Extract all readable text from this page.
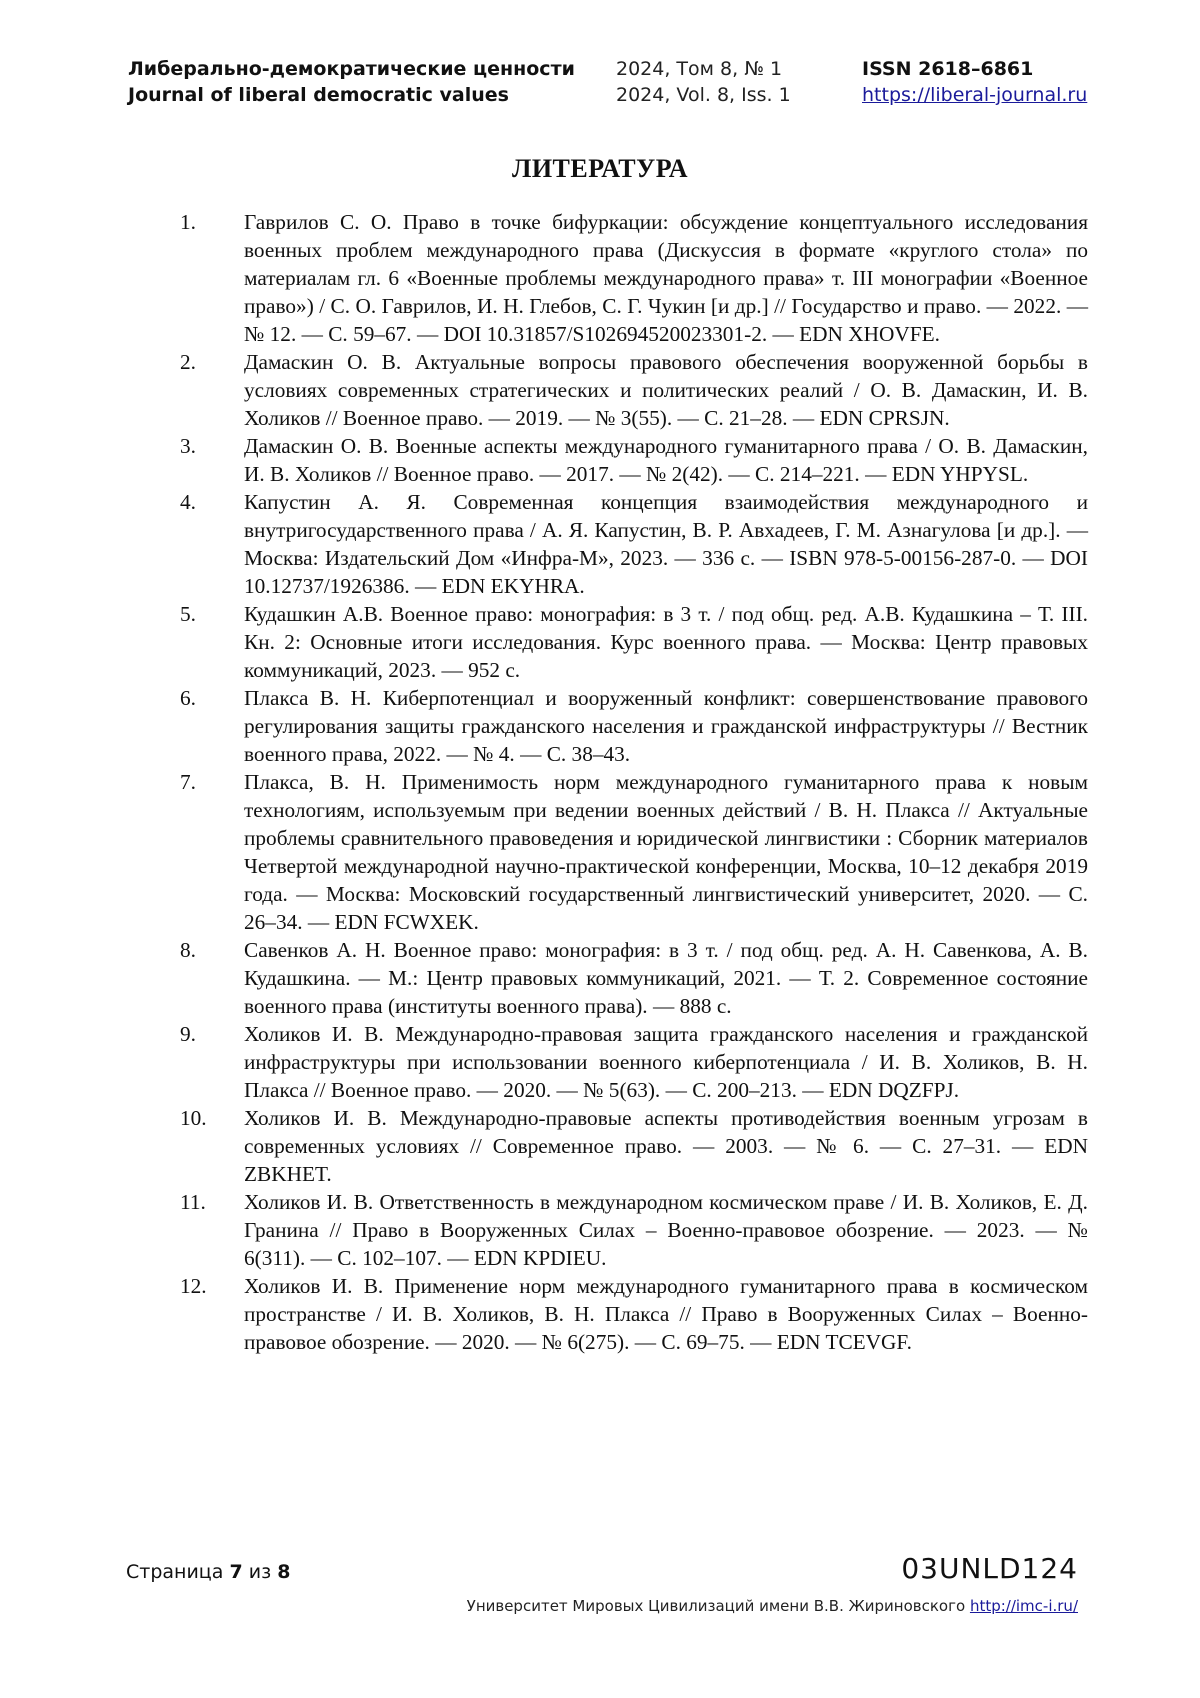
Либерально-демократические ценности
Journal of liberal democratic values
2024, Том 8, № 1
2024, Vol. 8, Iss. 1
ISSN 2618–6861
https://liberal-journal.ru
ЛИТЕРАТУРА
1. Гаврилов С. О. Право в точке бифуркации: обсуждение концептуального исследования военных проблем международного права (Дискуссия в формате «круглого стола» по материалам гл. 6 «Военные проблемы международного права» т. III монографии «Военное право») / С. О. Гаврилов, И. Н. Глебов, С. Г. Чукин [и др.] // Государство и право. — 2022. — № 12. — С. 59–67. — DOI 10.31857/S102694520023301-2. — EDN XHOVFE.
2. Дамаскин О. В. Актуальные вопросы правового обеспечения вооруженной борьбы в условиях современных стратегических и политических реалий / О. В. Дамаскин, И. В. Холиков // Военное право. — 2019. — № 3(55). — С. 21–28. — EDN CPRSJN.
3. Дамаскин О. В. Военные аспекты международного гуманитарного права / О. В. Дамаскин, И. В. Холиков // Военное право. — 2017. — № 2(42). — С. 214–221. — EDN YHPYSL.
4. Капустин А. Я. Современная концепция взаимодействия международного и внутригосударственного права / А. Я. Капустин, В. Р. Авхадеев, Г. М. Азнагулова [и др.]. — Москва: Издательский Дом «Инфра-М», 2023. — 336 с. — ISBN 978-5-00156-287-0. — DOI 10.12737/1926386. — EDN EKYHRA.
5. Кудашкин А.В. Военное право: монография: в 3 т. / под общ. ред. А.В. Кудашкина – Т. III. Кн. 2: Основные итоги исследования. Курс военного права. — Москва: Центр правовых коммуникаций, 2023. — 952 с.
6. Плакса В. Н. Киберпотенциал и вооруженный конфликт: совершенствование правового регулирования защиты гражданского населения и гражданской инфраструктуры // Вестник военного права, 2022. — № 4. — С. 38–43.
7. Плакса, В. Н. Применимость норм международного гуманитарного права к новым технологиям, используемым при ведении военных действий / В. Н. Плакса // Актуальные проблемы сравнительного правоведения и юридической лингвистики : Сборник материалов Четвертой международной научно-практической конференции, Москва, 10–12 декабря 2019 года. — Москва: Московский государственный лингвистический университет, 2020. — С. 26–34. — EDN FCWXEK.
8. Савенков А. Н. Военное право: монография: в 3 т. / под общ. ред. А. Н. Савенкова, А. В. Кудашкина. — М.: Центр правовых коммуникаций, 2021. — Т. 2. Современное состояние военного права (институты военного права). — 888 с.
9. Холиков И. В. Международно-правовая защита гражданского населения и гражданской инфраструктуры при использовании военного киберпотенциала / И. В. Холиков, В. Н. Плакса // Военное право. — 2020. — № 5(63). — С. 200–213. — EDN DQZFPJ.
10. Холиков И. В. Международно-правовые аспекты противодействия военным угрозам в современных условиях // Современное право. — 2003. — № 6. — С. 27–31. — EDN ZBKHET.
11. Холиков И. В. Ответственность в международном космическом праве / И. В. Холиков, Е. Д. Гранина // Право в Вооруженных Силах – Военно-правовое обозрение. — 2023. — № 6(311). — С. 102–107. — EDN KPDIEU.
12. Холиков И. В. Применение норм международного гуманитарного права в космическом пространстве / И. В. Холиков, В. Н. Плакса // Право в Вооруженных Силах – Военно-правовое обозрение. — 2020. — № 6(275). — С. 69–75. — EDN TCEVGF.
Страница 7 из 8	03UNLD124
Университет Мировых Цивилизаций имени В.В. Жириновского http://imc-i.ru/
